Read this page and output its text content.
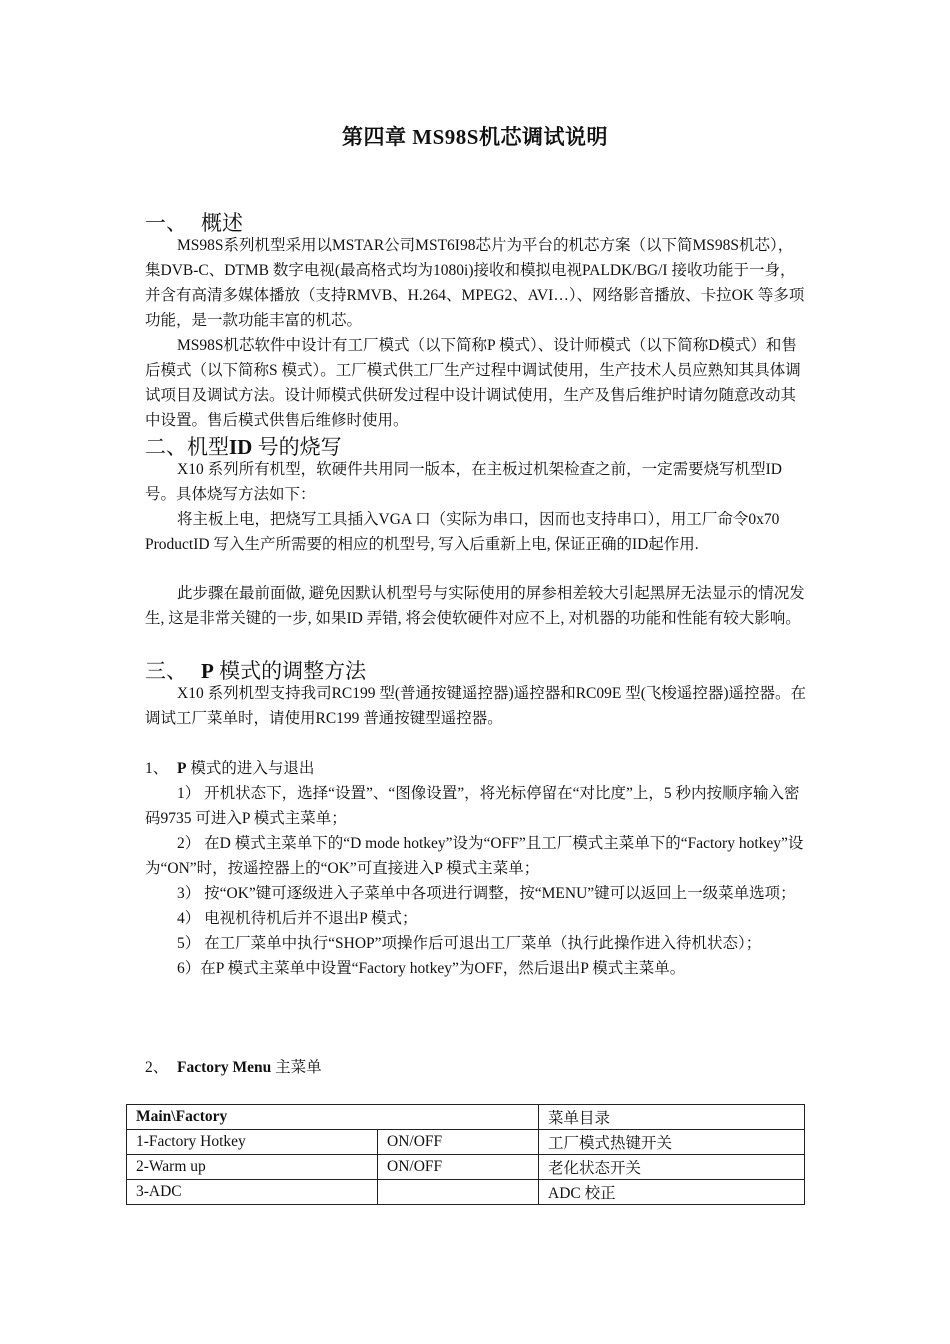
第四章 MS98S机芯调试说明
一、 概述

MS98S系列机型采用以MSTAR公司MST6I98芯片为平台的机芯方案（以下简MS98S机芯），集DVB-C、DTMB 数字电视(最高格式均为1080i)接收和模拟电视PALDK/BG/I 接收功能于一身，并含有高清多媒体播放（支持RMVB、H.264、MPEG2、AVI…）、网络影音播放、卡拉OK 等多项功能，是一款功能丰富的机芯。

MS98S机芯软件中设计有工厂模式（以下简称P 模式）、设计师模式（以下简称D模式）和售后模式（以下简称S 模式）。工厂模式供工厂生产过程中调试使用，生产技术人员应熟知其具体调试项目及调试方法。设计师模式供研发过程中设计调试使用，生产及售后维护时请勿随意改动其中设置。售后模式供售后维修时使用。

二、机型ID 号的烧写

X10 系列所有机型，软硬件共用同一版本，在主板过机架检查之前，一定需要烧写机型ID 号。具体烧写方法如下：

将主板上电，把烧写工具插入VGA 口（实际为串口，因而也支持串口），用工厂命令0x70 ProductID 写入生产所需要的相应的机型号, 写入后重新上电, 保证正确的ID起作用.

此步骤在最前面做, 避免因默认机型号与实际使用的屏参相差较大引起黑屏无法显示的情况发生, 这是非常关键的一步, 如果ID 弄错, 将会使软硬件对应不上, 对机器的功能和性能有较大影响。

三、 P 模式的调整方法

X10 系列机型支持我司RC199 型(普通按键遥控器)遥控器和RC09E 型(飞梭遥控器)遥控器。在调试工厂菜单时，请使用RC199 普通按键型遥控器。

1、 P 模式的进入与退出

1） 开机状态下，选择“设置”、“图像设置”，将光标停留在“对比度”上，5 秒内按顺序输入密码9735 可进入P 模式主菜单；

2） 在D 模式主菜单下的“D mode hotkey”设为“OFF”且工厂模式主菜单下的“Factory hotkey”设为“ON”时，按遥控器上的“OK”可直接进入P 模式主菜单；

3） 按“OK”键可逐级进入子菜单中各项进行调整，按“MENU”键可以返回上一级菜单选项；

4） 电视机待机后并不退出P 模式；

5） 在工厂菜单中执行“SHOP”项操作后可退出工厂菜单（执行此操作进入待机状态）；

6）在P 模式主菜单中设置“Factory hotkey”为OFF，然后退出P 模式主菜单。

2、 Factory Menu 主菜单
Main\Factory		菜单目录
1-Factory Hotkey	ON/OFF	工厂模式热键开关
2-Warm up	ON/OFF	老化状态开关
3-ADC		ADC 校正
